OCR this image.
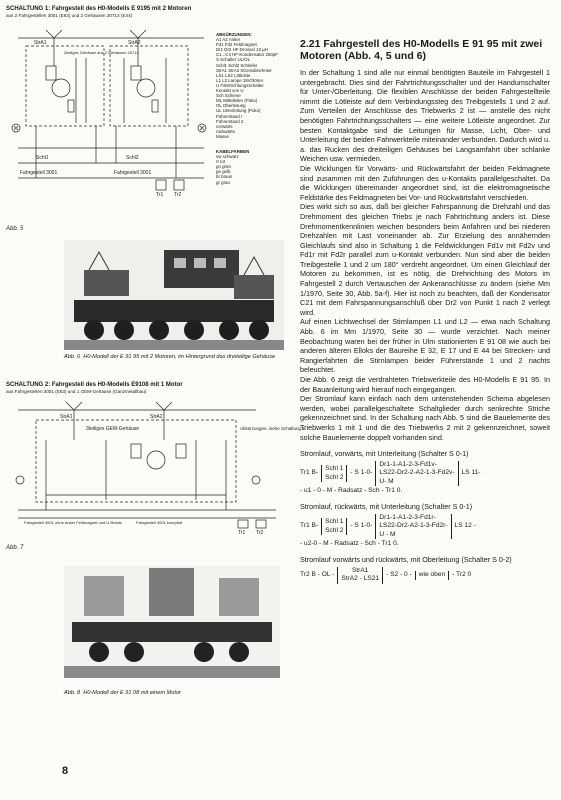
SCHALTUNG 1: Fahrgestell des H0-Modells E 9195 mit 2 Motoren
aus 2 Fahrgestellen 3001 (E63) und 2 Gehäusen 20714 (E44)
StrA1	StrA2
Fahrgestell 3001	Fahrgestell 3001
Schl1	Schl2
2teiliges Gehäuse aus 2 Gehäusen 20714
Tr1 Tr2
ABKÜRZUNGEN:
A1 A2 Anker
Fd1 Fd2 Feldmagnet
Dr1 Dr2 HF-Drossel 13 µH
C1...C4 HF-Kondensator 250pF
S Schalter UL/OL
Schl1 Schl2 Schleifer
StrA1 StrA2 Stromabnehmer
LS1 LS2 Lötleiste
L1 L2 Lampe 19V/30mA
U Fahrtrichtungsschalter
Kontakt von U
Sch Schiene
ML Mittelleiter (Puko)
OL Oberleitung
UL Unterleitung (Puko)
Führerstand I
Führerstand 2
vorwärts
rückwärts
Masse
KABELFARBEN
sw schwarz
rt rot
gn grün
ge gelb
br braun
gr grau
Abb. 5
Abb. 6 H0-Modell der E 91 95 mit 2 Motoren, im Hintergrund das dreiteilige Gehäuse
SCHALTUNG 2: Fahrgestell des H0-Modells E9108 mit 1 Motor
aus Fahrgestellen 3001 (E63) und 1 GEM-Gehäuse (Ganzmetallbau)
StrA1	StrA2
3teiliges GEM-Gehäuse
Fahrgestell 3001 ohne Anker Feldmagnet und U-Relais	Fahrgestell 3001 komplett
Tr1 Tr2
Abkürzungen, siehe Schaltung 1
Abb. 7
Abb. 8 H0-Modell der E 91 08 mit einem Motor
8
2.21 Fahrgestell des H0-Modells E 91 95 mit zwei Motoren (Abb. 4, 5 und 6)

In der Schaltung 1 sind alle nur einmal benötigten Bauteile im Fahrgestell 1 untergebracht. Dies sind der Fahrtrichtungsschalter und der Handumschalter für Unter-/Oberleitung. Die flexiblen Anschlüsse der beiden Fahrgestellteile nimmt die Lötleiste auf dem Verbindungssteg des Treibgestells 1 und 2 auf. Zum Verteilen der Anschlüsse des Triebwerks 2 ist — anstelle des nicht benötigten Fahrtrichtungsschalters — eine weitere Lötleiste angeordnet. Zur besten Kontaktgabe sind die Leitungen für Masse, Licht, Ober- und Unterleitung der beiden Fahrwerkteile miteinander verbunden. Dadurch wird u. a. das Rucken des dreiteiligen Gehäuses bei Langsamfahrt über schlanke Weichen usw. vermieden.

Die Wicklungen für Vorwärts- und Rückwärtsfahrt der beiden Feldmagnete sind zusammen mit den Zuführungen des u-Kontakts parallelgeschaltet. Da die Wicklungen übereinander angeordnet sind, ist die elektromagnetische Feldstärke des Feldmagneten bei Vor- und Rückwärtsfahrt verschieden.

Dies wirkt sich so aus, daß bei gleicher Fahrspannung die Drehzahl und das Drehmoment des gleichen Triebs je nach Fahrtrichtung anders ist. Diese Drehmomentkennlinien weichen besonders beim Anfahren und bei niederen Drehzahlen mit Last voneinander ab. Zur Erzielung des annähernden Gleichlaufs sind also in Schaltung 1 die Feldwicklungen Fd1v mit Fd2v und Fd1r mit Fd2r parallel zum u-Kontakt verbunden. Nun sind aber die beiden Treibgestelle 1 und 2 um 180° verdreht angeordnet. Um einen Gleichlauf der Motoren zu bekommen, ist es nötig, die Drehrichtung des Motors im Fahrgestell 2 durch Vertauschen der Ankeranschlüsse zu ändern (siehe Mm 1/1970, Seite 30, Abb. 5a-f). Hier ist noch zu beachten, daß der Kondensator C21 mit dem Fahrspannungsanschluß über Dr2 von Punkt 1 nach 2 verlegt wird.

Auf einen Lichtwechsel der Stirnlampen L1 und L2 — etwa nach Schaltung Abb. 6 im Mm 1/1970, Seite 30 — wurde verzichtet. Nach meiner Beobachtung waren bei der früher in Ulm stationierten E 91 08 wie auch bei anderen älteren Elloks der Baureihe E 32, E 17 und E 44 bei Strecken- und Rangierfahrten die Stirnlampen beider Führerstände 1 und 2 nachts beleuchtet.

Die Abb. 6 zeigt die verdrahteten Triebwerkteile des H0-Modells E 91 95. In der Bauanleitung wird hierauf noch eingegangen.

Der Stromlauf kann einfach nach dem untenstehenden Schema abgelesen werden, wobei parallelgeschaltete Schaltglieder durch senkrechte Striche gekennzeichnet sind. In der Schaltung nach Abb. 5 sind die Bauelemente des Triebwerks 1 mit 1 und die des Triebwerks 2 mit 2 gekennzeichnet, soweit solche Bauelemente doppelt vorhanden sind.

Stromlauf, vorwärts, mit Unterleitung (Schalter S 0-1)
Tr1 B-
Schl 1
Schl 2
- S 1-0-
Dr1-1-A1-2-3-Fd1v-
LS22-Dr2-2-A2-1-3-Fd2v-
U- M
LS 11-
- u1 - 0 - M - Radsatz - Sch - Tr1 0.
Stromlauf, rückwärts, mit Unterleitung (Schalter S 0-1)
Tr1 B-
Schl 1
Schl 2
- S 1-0-
Dr1-1-A1-2-3-Fd1r-
LS22-Dr2-A2-1-3-Fd2r-
U - M
LS 12 -
- u2-0 - M - Radsatz - Sch - Tr1 0.
Stromlauf vorwärts und rückwärts, mit Oberleitung (Schalter S 0-2)
Tr2 B - OL -
StrA1
StrA2 - LS21
- S2 - 0 -	wie oben	- Tr2 0
